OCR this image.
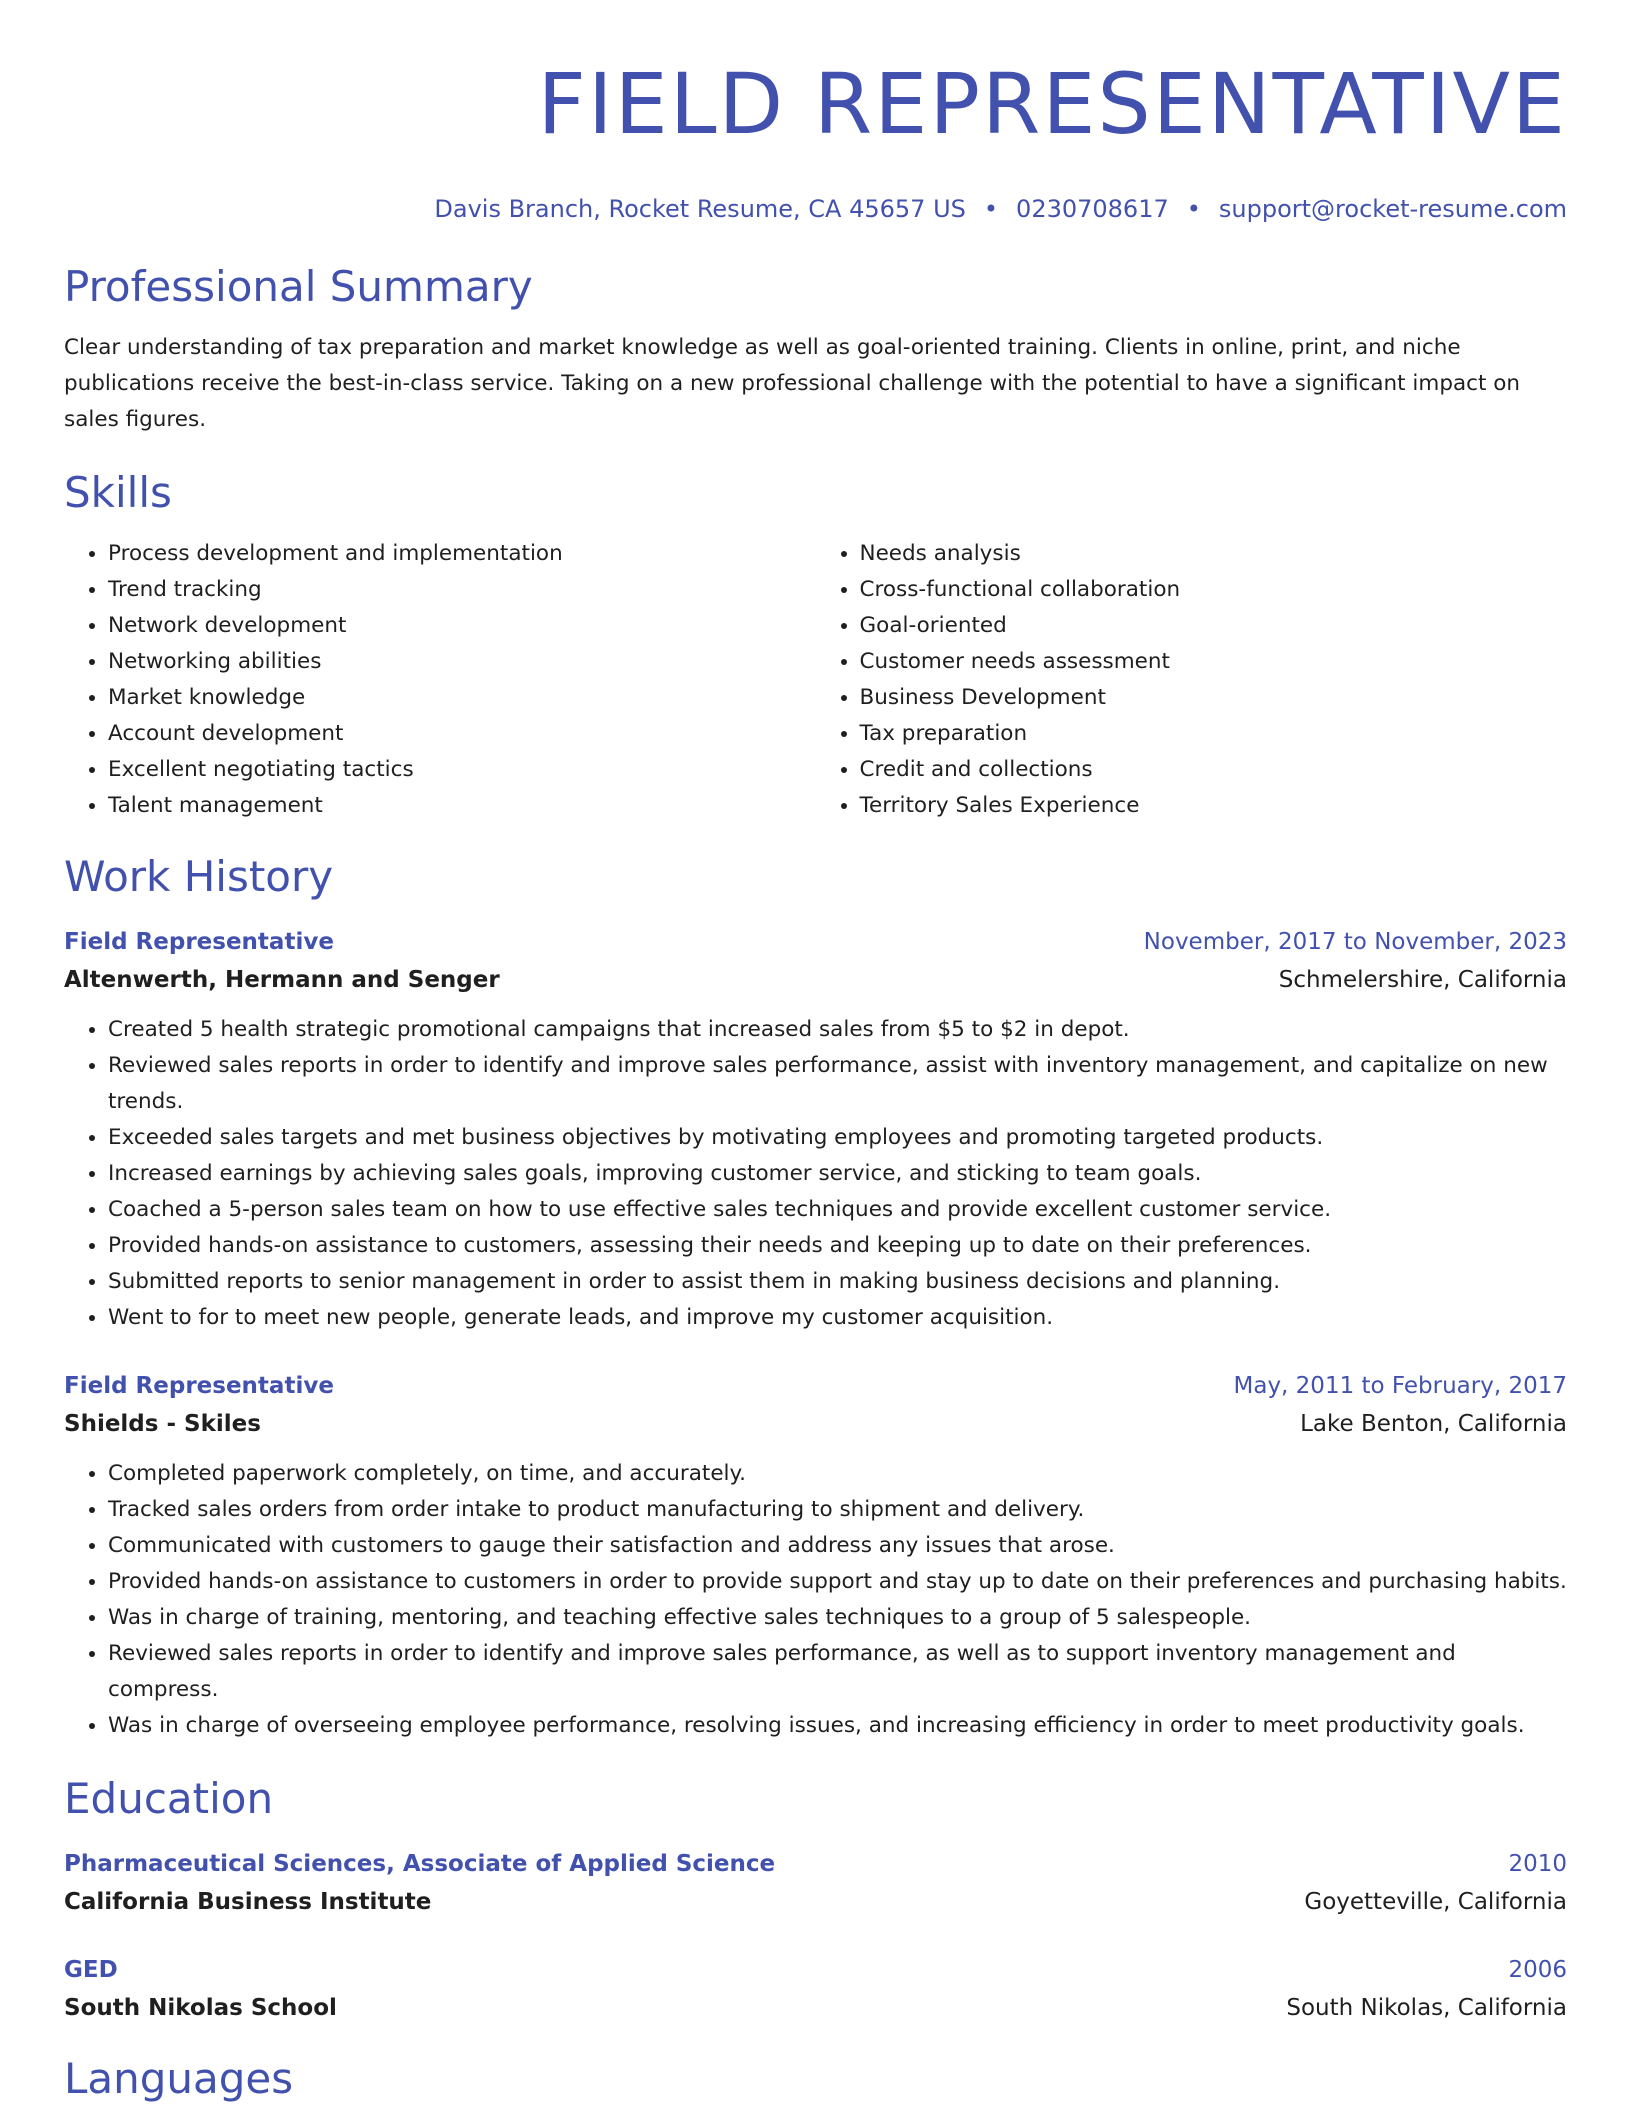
FIELD REPRESENTATIVE
Davis Branch, Rocket Resume, CA 45657 US • 0230708617 • support@rocket-resume.com
Professional Summary
Clear understanding of tax preparation and market knowledge as well as goal-oriented training. Clients in online, print, and niche publications receive the best-in-class service. Taking on a new professional challenge with the potential to have a significant impact on sales figures.
Skills
• Process development and implementation
• Trend tracking
• Network development
• Networking abilities
• Market knowledge
• Account development
• Excellent negotiating tactics
• Talent management
• Needs analysis
• Cross-functional collaboration
• Goal-oriented
• Customer needs assessment
• Business Development
• Tax preparation
• Credit and collections
• Territory Sales Experience
Work History
Field Representative	November, 2017 to November, 2023
Altenwerth, Hermann and Senger	Schmelershire, California
• Created 5 health strategic promotional campaigns that increased sales from $5 to $2 in depot.
• Reviewed sales reports in order to identify and improve sales performance, assist with inventory management, and capitalize on new trends.
• Exceeded sales targets and met business objectives by motivating employees and promoting targeted products.
• Increased earnings by achieving sales goals, improving customer service, and sticking to team goals.
• Coached a 5-person sales team on how to use effective sales techniques and provide excellent customer service.
• Provided hands-on assistance to customers, assessing their needs and keeping up to date on their preferences.
• Submitted reports to senior management in order to assist them in making business decisions and planning.
• Went to for to meet new people, generate leads, and improve my customer acquisition.
Field Representative	May, 2011 to February, 2017
Shields - Skiles	Lake Benton, California
• Completed paperwork completely, on time, and accurately.
• Tracked sales orders from order intake to product manufacturing to shipment and delivery.
• Communicated with customers to gauge their satisfaction and address any issues that arose.
• Provided hands-on assistance to customers in order to provide support and stay up to date on their preferences and purchasing habits.
• Was in charge of training, mentoring, and teaching effective sales techniques to a group of 5 salespeople.
• Reviewed sales reports in order to identify and improve sales performance, as well as to support inventory management and compress.
• Was in charge of overseeing employee performance, resolving issues, and increasing efficiency in order to meet productivity goals.
Education
Pharmaceutical Sciences, Associate of Applied Science	2010
California Business Institute	Goyetteville, California
GED	2006
South Nikolas School	South Nikolas, California
Languages
